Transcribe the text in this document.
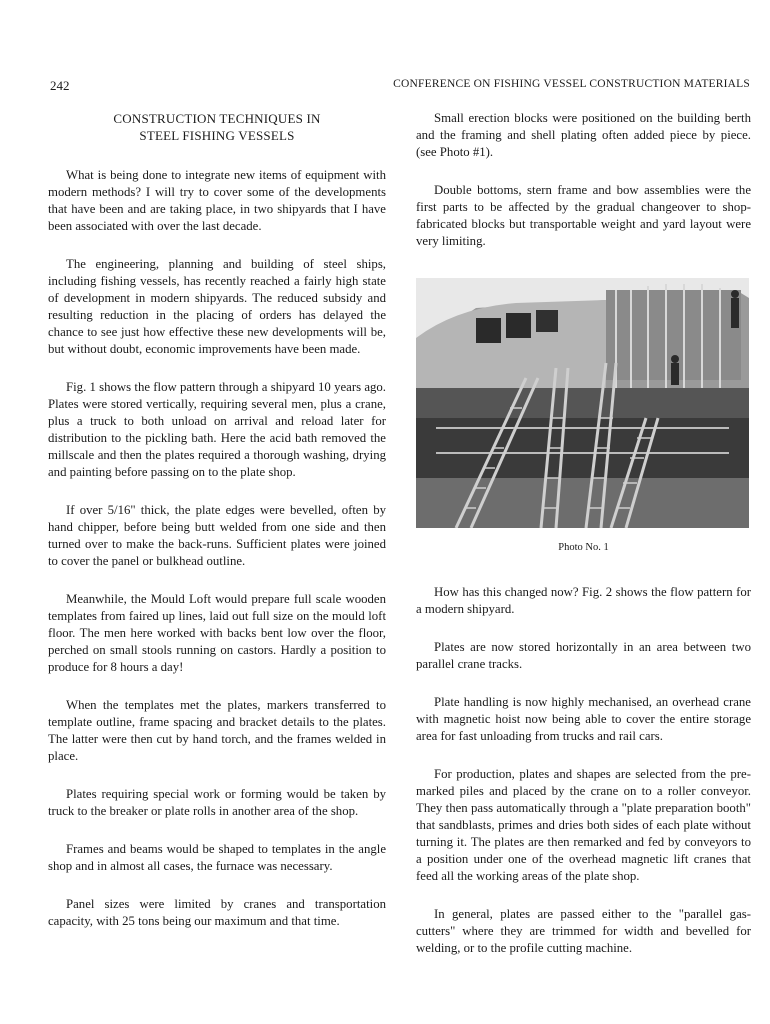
242	CONFERENCE ON FISHING VESSEL CONSTRUCTION MATERIALS
CONSTRUCTION TECHNIQUES IN
STEEL FISHING VESSELS

What is being done to integrate new items of equipment with modern methods? I will try to cover some of the developments that have been and are taking place, in two shipyards that I have been associated with over the last decade.

The engineering, planning and building of steel ships, including fishing vessels, has recently reached a fairly high state of development in modern shipyards. The reduced subsidy and resulting reduction in the placing of orders has delayed the chance to see just how effective these new developments will be, but without doubt, economic improvements have been made.

Fig. 1 shows the flow pattern through a shipyard 10 years ago. Plates were stored vertically, requiring several men, plus a crane, plus a truck to both unload on arrival and reload later for distribution to the pickling bath. Here the acid bath removed the millscale and then the plates required a thorough washing, drying and painting before passing on to the plate shop.

If over 5/16" thick, the plate edges were bevelled, often by hand chipper, before being butt welded from one side and then turned over to make the back-runs. Sufficient plates were joined to cover the panel or bulkhead outline.

Meanwhile, the Mould Loft would prepare full scale wooden templates from faired up lines, laid out full size on the mould loft floor. The men here worked with backs bent low over the floor, perched on small stools running on castors. Hardly a position to produce for 8 hours a day!

When the templates met the plates, markers transferred to template outline, frame spacing and bracket details to the plates. The latter were then cut by hand torch, and the frames welded in place.

Plates requiring special work or forming would be taken by truck to the breaker or plate rolls in another area of the shop.

Frames and beams would be shaped to templates in the angle shop and in almost all cases, the furnace was necessary.

Panel sizes were limited by cranes and transportation capacity, with 25 tons being our maximum and that time.

Small erection blocks were positioned on the building berth and the framing and shell plating often added piece by piece. (see Photo #1).

Double bottoms, stern frame and bow assemblies were the first parts to be affected by the gradual changeover to shop-fabricated blocks but transportable weight and yard layout were very limiting.

Photo No. 1

How has this changed now? Fig. 2 shows the flow pattern for a modern shipyard.

Plates are now stored horizontally in an area between two parallel crane tracks.

Plate handling is now highly mechanised, an overhead crane with magnetic hoist now being able to cover the entire storage area for fast unloading from trucks and rail cars.

For production, plates and shapes are selected from the pre-marked piles and placed by the crane on to a roller conveyor. They then pass automatically through a "plate preparation booth" that sandblasts, primes and dries both sides of each plate without turning it. The plates are then remarked and fed by conveyors to a position under one of the overhead magnetic lift cranes that feed all the working areas of the plate shop.

In general, plates are passed either to the "parallel gas-cutters" where they are trimmed for width and bevelled for welding, or to the profile cutting machine.
